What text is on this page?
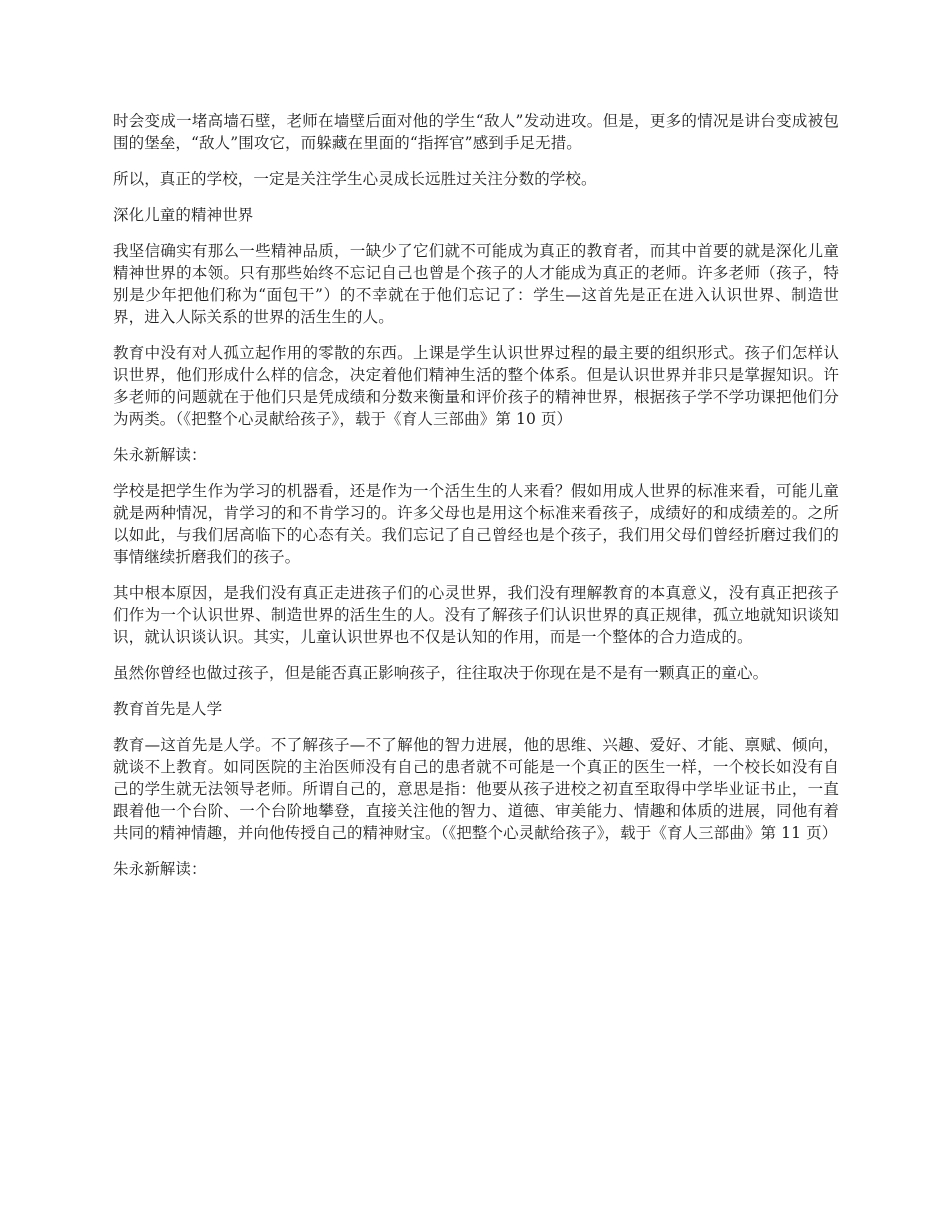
时会变成一堵高墙石壁，老师在墙壁后面对他的学生“敌人”发动进攻。但是，更多的情况是讲台变成被包围的堡垒，“敌人”围攻它，而躲藏在里面的“指挥官”感到手足无措。

所以，真正的学校，一定是关注学生心灵成长远胜过关注分数的学校。

深化儿童的精神世界

我坚信确实有那么一些精神品质，一缺少了它们就不可能成为真正的教育者，而其中首要的就是深化儿童精神世界的本领。只有那些始终不忘记自己也曾是个孩子的人才能成为真正的老师。许多老师（孩子，特别是少年把他们称为“面包干”）的不幸就在于他们忘记了：学生—这首先是正在进入认识世界、制造世界，进入人际关系的世界的活生生的人。

教育中没有对人孤立起作用的零散的东西。上课是学生认识世界过程的最主要的组织形式。孩子们怎样认识世界，他们形成什么样的信念，决定着他们精神生活的整个体系。但是认识世界并非只是掌握知识。许多老师的问题就在于他们只是凭成绩和分数来衡量和评价孩子的精神世界，根据孩子学不学功课把他们分为两类。（《把整个心灵献给孩子》，载于《育人三部曲》第 10 页）

朱永新解读：

学校是把学生作为学习的机器看，还是作为一个活生生的人来看？假如用成人世界的标准来看，可能儿童就是两种情况，肯学习的和不肯学习的。许多父母也是用这个标准来看孩子，成绩好的和成绩差的。之所以如此，与我们居高临下的心态有关。我们忘记了自己曾经也是个孩子，我们用父母们曾经折磨过我们的事情继续折磨我们的孩子。

其中根本原因，是我们没有真正走进孩子们的心灵世界，我们没有理解教育的本真意义，没有真正把孩子们作为一个认识世界、制造世界的活生生的人。没有了解孩子们认识世界的真正规律，孤立地就知识谈知识，就认识谈认识。其实，儿童认识世界也不仅是认知的作用，而是一个整体的合力造成的。

虽然你曾经也做过孩子，但是能否真正影响孩子，往往取决于你现在是不是有一颗真正的童心。

教育首先是人学

教育—这首先是人学。不了解孩子—不了解他的智力进展，他的思维、兴趣、爱好、才能、禀赋、倾向，就谈不上教育。如同医院的主治医师没有自己的患者就不可能是一个真正的医生一样，一个校长如没有自己的学生就无法领导老师。所谓自己的，意思是指：他要从孩子进校之初直至取得中学毕业证书止，一直跟着他一个台阶、一个台阶地攀登，直接关注他的智力、道德、审美能力、情趣和体质的进展，同他有着共同的精神情趣，并向他传授自己的精神财宝。（《把整个心灵献给孩子》，载于《育人三部曲》第 11 页）

朱永新解读：
